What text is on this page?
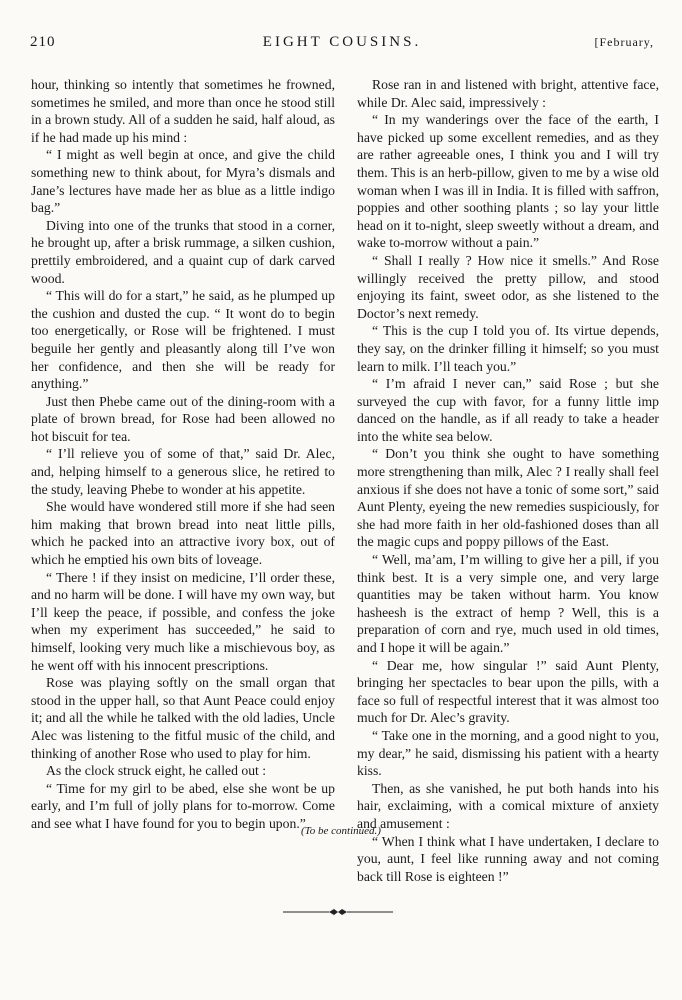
210	EIGHT COUSINS.	[February,

hour, thinking so intently that sometimes he frowned, sometimes he smiled, and more than once he stood still in a brown study. All of a sudden he said, half aloud, as if he had made up his mind :

“ I might as well begin at once, and give the child something new to think about, for Myra’s dismals and Jane’s lectures have made her as blue as a little indigo bag.”

Diving into one of the trunks that stood in a corner, he brought up, after a brisk rummage, a silken cushion, prettily embroidered, and a quaint cup of dark carved wood.

“ This will do for a start,” he said, as he plumped up the cushion and dusted the cup. “ It wont do to begin too energetically, or Rose will be frightened. I must beguile her gently and pleasantly along till I’ve won her confidence, and then she will be ready for anything.”

Just then Phebe came out of the dining-room with a plate of brown bread, for Rose had been allowed no hot biscuit for tea.

“ I’ll relieve you of some of that,” said Dr. Alec, and, helping himself to a generous slice, he retired to the study, leaving Phebe to wonder at his appetite.

She would have wondered still more if she had seen him making that brown bread into neat little pills, which he packed into an attractive ivory box, out of which he emptied his own bits of loveage.

“ There ! if they insist on medicine, I’ll order these, and no harm will be done. I will have my own way, but I’ll keep the peace, if possible, and confess the joke when my experiment has succeeded,” he said to himself, looking very much like a mischievous boy, as he went off with his innocent prescriptions.

Rose was playing softly on the small organ that stood in the upper hall, so that Aunt Peace could enjoy it; and all the while he talked with the old ladies, Uncle Alec was listening to the fitful music of the child, and thinking of another Rose who used to play for him.

As the clock struck eight, he called out :

“ Time for my girl to be abed, else she wont be up early, and I’m full of jolly plans for to-morrow. Come and see what I have found for you to begin upon.”

Rose ran in and listened with bright, attentive face, while Dr. Alec said, impressively :

“ In my wanderings over the face of the earth, I have picked up some excellent remedies, and as they are rather agreeable ones, I think you and I will try them. This is an herb-pillow, given to me by a wise old woman when I was ill in India. It is filled with saffron, poppies and other soothing plants ; so lay your little head on it to-night, sleep sweetly without a dream, and wake to-morrow without a pain.”

“ Shall I really ? How nice it smells.” And Rose willingly received the pretty pillow, and stood enjoying its faint, sweet odor, as she listened to the Doctor’s next remedy.

“ This is the cup I told you of. Its virtue depends, they say, on the drinker filling it himself; so you must learn to milk. I’ll teach you.”

“ I’m afraid I never can,” said Rose ; but she surveyed the cup with favor, for a funny little imp danced on the handle, as if all ready to take a header into the white sea below.

“ Don’t you think she ought to have something more strengthening than milk, Alec ? I really shall feel anxious if she does not have a tonic of some sort,” said Aunt Plenty, eyeing the new remedies suspiciously, for she had more faith in her old-fashioned doses than all the magic cups and poppy pillows of the East.

“ Well, ma’am, I’m willing to give her a pill, if you think best. It is a very simple one, and very large quantities may be taken without harm. You know hasheesh is the extract of hemp ? Well, this is a preparation of corn and rye, much used in old times, and I hope it will be again.”

“ Dear me, how singular !” said Aunt Plenty, bringing her spectacles to bear upon the pills, with a face so full of respectful interest that it was almost too much for Dr. Alec’s gravity.

“ Take one in the morning, and a good night to you, my dear,” he said, dismissing his patient with a hearty kiss.

Then, as she vanished, he put both hands into his hair, exclaiming, with a comical mixture of anxiety and amusement :

“ When I think what I have undertaken, I declare to you, aunt, I feel like running away and not coming back till Rose is eighteen !”

(To be continued.)
